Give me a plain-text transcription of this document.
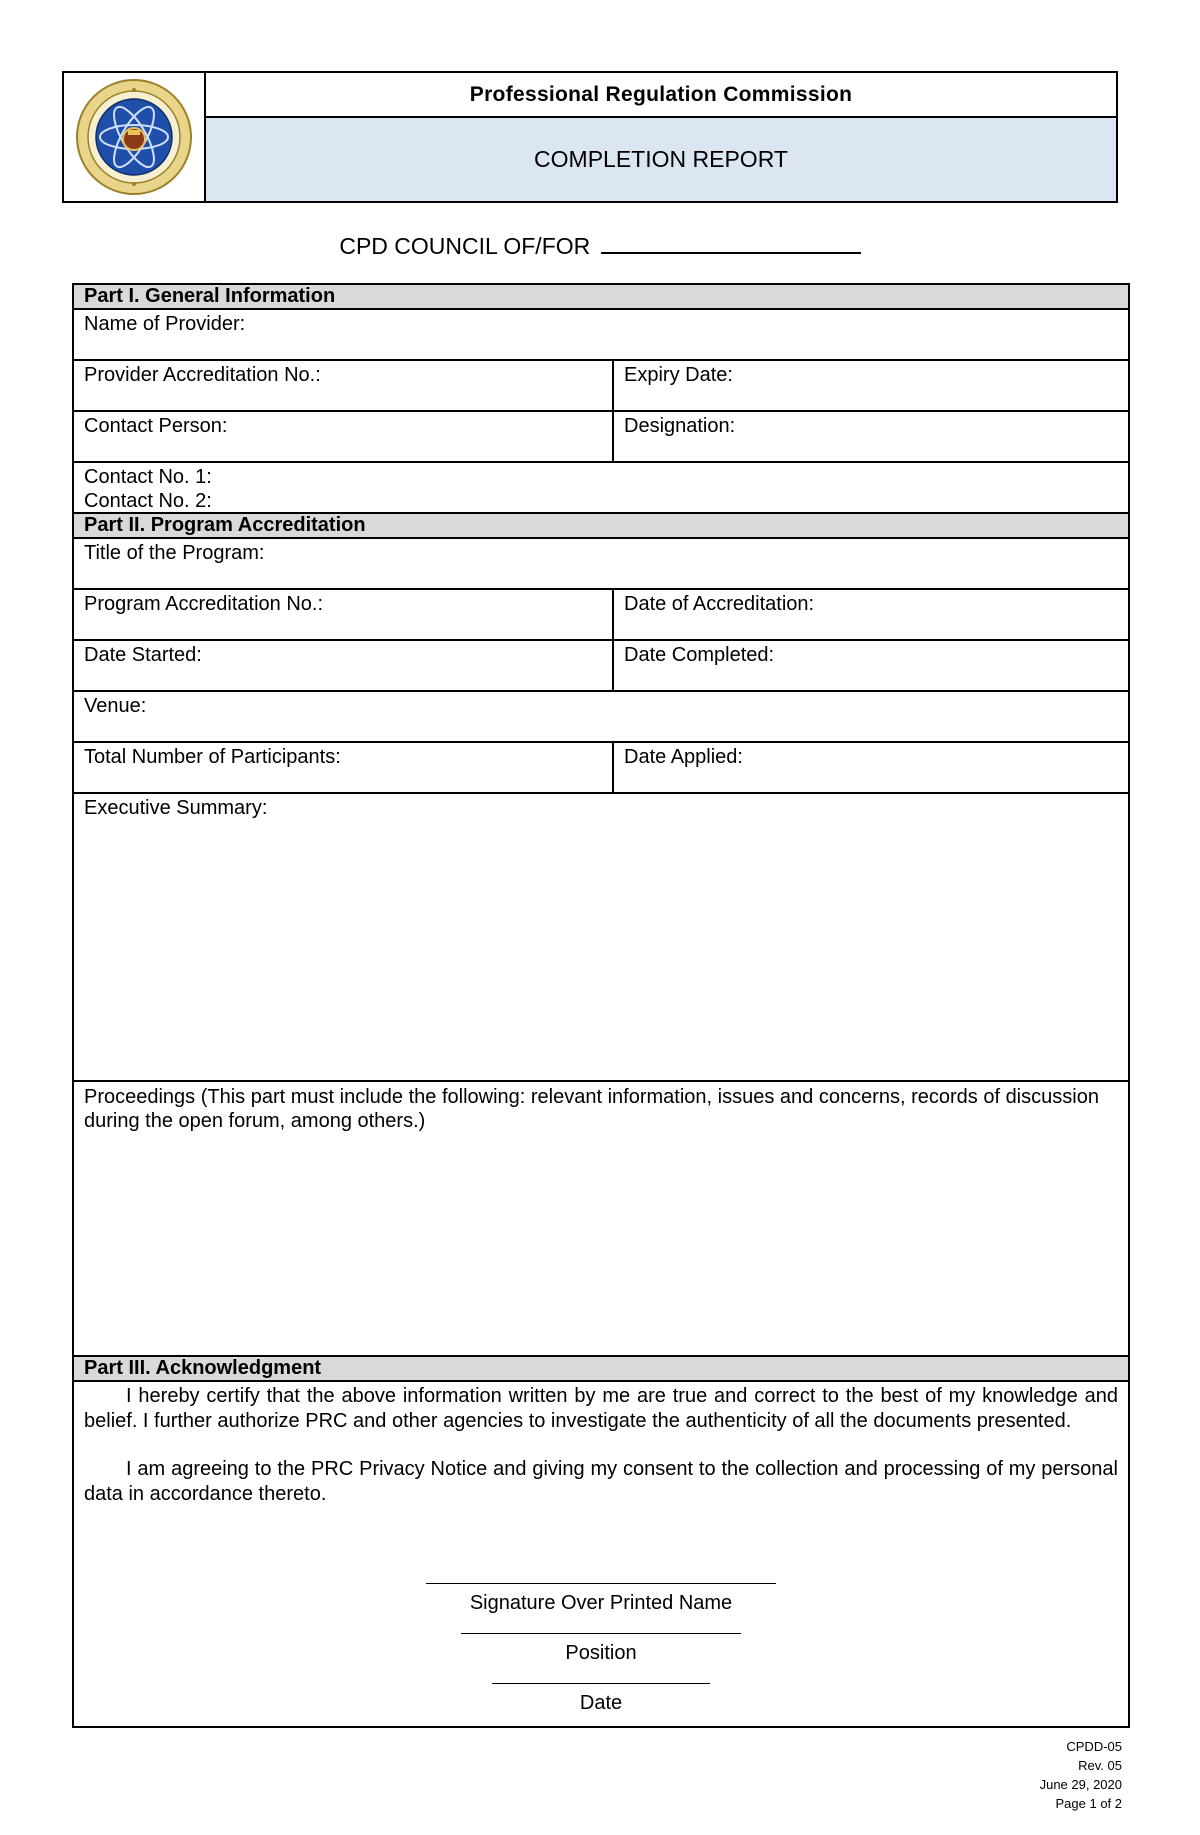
Professional Regulation Commission
COMPLETION REPORT
CPD COUNCIL OF/FOR
Part I. General Information
Name of Provider:
Provider Accreditation No.:	Expiry Date:
Contact Person:	Designation:
Contact No. 1:
Contact No. 2:
Part II. Program Accreditation
Title of the Program:
Program Accreditation No.:	Date of Accreditation:
Date Started:	Date Completed:
Venue:
Total Number of Participants:	Date Applied:
Executive Summary:
Proceedings (This part must include the following: relevant information, issues and concerns, records of discussion during the open forum, among others.)
Part III. Acknowledgment

I hereby certify that the above information written by me are true and correct to the best of my knowledge and belief. I further authorize PRC and other agencies to investigate the authenticity of all the documents presented.

I am agreeing to the PRC Privacy Notice and giving my consent to the collection and processing of my personal data in accordance thereto.

Signature Over Printed Name
Position
Date
CPDD-05
Rev. 05
June 29, 2020
Page 1 of 2
